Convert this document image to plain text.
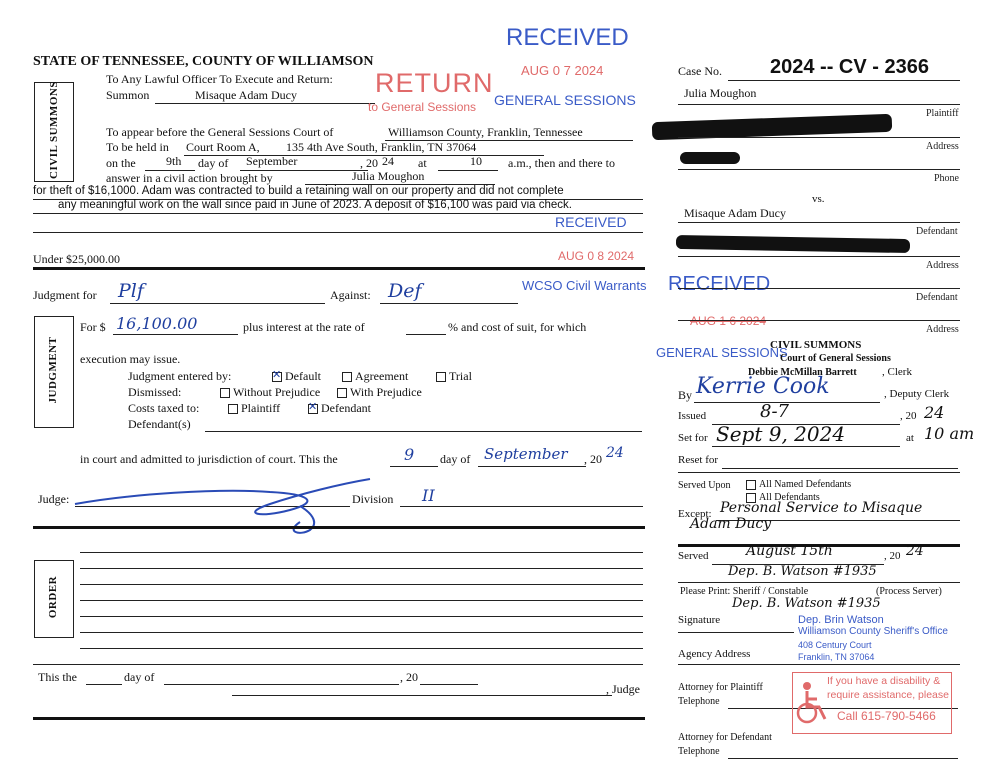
STATE OF TENNESSEE, COUNTY OF WILLIAMSON
To Any Lawful Officer To Execute and Return:
Summon	Misaque Adam Ducy
RECEIVED
AUG 0 7 2024
RETURN
to General Sessions GENERAL SESSIONS
CIVIL SUMMONS	To appear before the General Sessions Court of	Williamson County, Franklin, Tennessee
To be held in Court Room A, 135 4th Ave South, Franklin, TN 37064
on the	9th day of September	, 20 24 at	10 a.m., then and there to
answer in a civil action brought by	Julia Moughon
for theft of $16,1000. Adam was contracted to build a retaining wall on our property and did not complete
any meaningful work on the wall since paid in June of 2023. A deposit of $16,100 was paid via check.
RECEIVED
Under $25,000.00	AUG 0 8 2024
Judgment for Plf	Against: Def	WCSO Civil Warrants
JUDGMENT
For $ 16,100.00	plus interest at the rate of	% and cost of suit, for which
execution may issue.
Judgment entered by: ✕	Default	Agreement	Trial
Dismissed:	Without Prejudice	With Prejudice
Costs taxed to:	Plaintiff ✕	Defendant
Defendant(s)
in court and admitted to jurisdiction of court. This the	9 day of September , 20 24
Judge:	Division II
ORDER
This the	day of	, 20
, Judge
Case No. 2024 -- CV - 2366
Julia Moughon
Plaintiff
Address
Phone
vs.
Misaque Adam Ducy
Defendant
Address
RECEIVED
Defendant
AUG 1 6 2024
Address
GENERAL SESSIONS
CIVIL SUMMONS
Court of General Sessions
Debbie McMillan Barrett , Clerk
By Kerrie Cook	, Deputy Clerk
Issued	8-7	, 20 24
Set for Sept 9, 2024	at 10 am
Reset for
Served Upon	All Named Defendants
All Defendants
Except: Personal Service to Misaque
Adam Ducy
Served	August 15th	, 20 24
Dep. B. Watson #1935
Please Print: Sheriff / Constable	(Process Server)
Dep. B. Watson #1935
Signature	Dep. Brin Watson
Williamson County Sheriff's Office
408 Century Court
Franklin, TN 37064
Agency Address
Attorney for Plaintiff
Telephone
If you have a disability &
require assistance, please
Call 615-790-5466
Attorney for Defendant
Telephone
